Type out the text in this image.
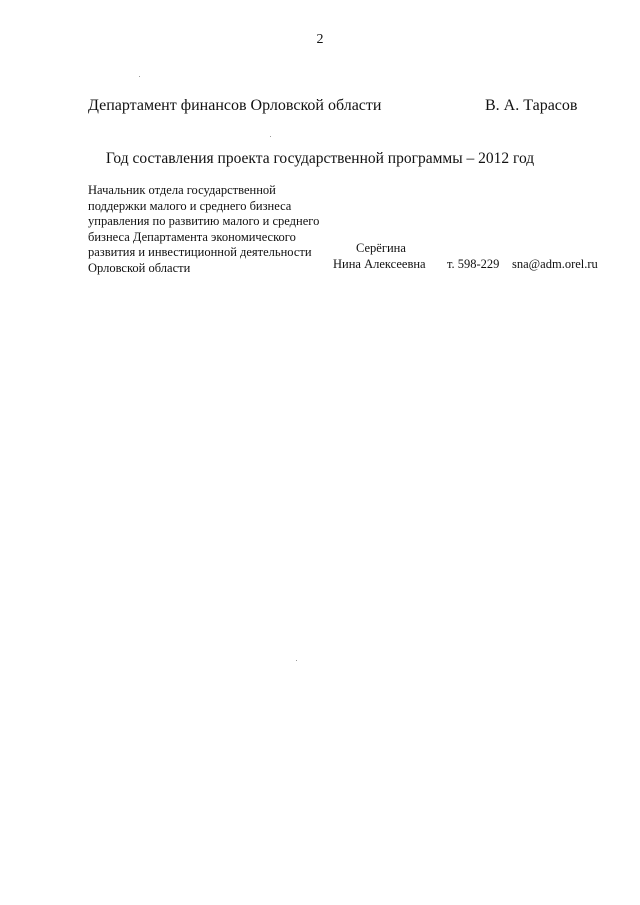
2
Департамент финансов Орловской области	В. А. Тарасов
Год составления проекта государственной программы – 2012 год
Начальник отдела государственной
поддержки малого и среднего бизнеса
управления по развитию малого и среднего
бизнеса Департамента экономического
развития и инвестиционной деятельности
Орловской области
Серёгина
Нина Алексеевна т. 598-229 sna@adm.orel.ru
